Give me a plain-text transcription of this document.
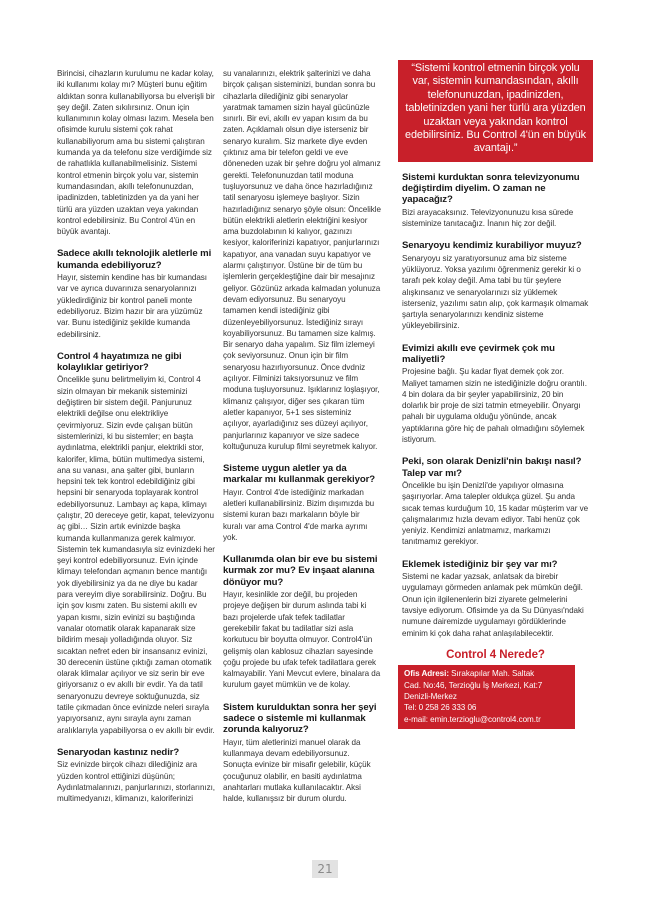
Birincisi, cihazların kurulumu ne kadar kolay, iki kullanımı kolay mı? Müşteri bunu eğitim aldıktan sonra kullanabiliyorsa bu elverişli bir şey değil. Zaten sıkılırsınız. Onun için kullanımının kolay olması lazım. Mesela ben ofisimde kurulu sistemi çok rahat kullanabiliyorum ama bu sistemi çalıştıran kumanda ya da telefonu size verdiğimde siz de rahatlıkla kullanabilmelisiniz. Sistemi kontrol etmenin birçok yolu var, sistemin kumandasından, akıllı telefonunuzdan, ipadinizden, tabletinizden ya da yani her türlü ara yüzden uzaktan veya yakından kontrol edebilirsiniz. Bu Control 4'ün en büyük avantajı.

Sadece akıllı teknolojik aletlerle mi kumanda edebiliyoruz?

Hayır, sistemin kendine has bir kumandası var ve ayrıca duvarınıza senaryolarınızı yükledirdiğiniz bir kontrol paneli monte edebiliyoruz. Bizim hazır bir ara yüzümüz var. Bunu istediğiniz şekilde kumanda edebilirsiniz.

Control 4 hayatımıza ne gibi kolaylıklar getiriyor?

Öncelikle şunu belirtmeliyim ki, Control 4 sizin olmayan bir mekanik sisteminizi değiştiren bir sistem değil. Panjurunuz elektrikli değilse onu elektrikliye çevirmiyoruz. Sizin evde çalışan bütün sistemlerinizi, ki bu sistemler; en başta aydınlatma, elektrikli panjur, elektrikli stor, kalorifer, klima, bütün multimedya sistemi, ana su vanası, ana şalter gibi, bunların hepsini tek tek kontrol edebildiğiniz gibi hepsini bir senaryoda toplayarak kontrol edebiliyorsunuz. Lambayı aç kapa, klimayı çalıştır, 20 dereceye getir, kapat, televizyonu aç gibi… Sizin artık evinizde başka kumanda kullanmanıza gerek kalmıyor. Sistemin tek kumandasıyla siz evinizdeki her şeyi kontrol edebiliyorsunuz. Evin içinde klimayı telefondan açmanın bence mantığı yok diyebilirsiniz ya da ne diye bu kadar para vereyim diye sorabilirsiniz. Doğru. Bu için şov kısmı zaten. Bu sistemi akıllı ev yapan kısmı, sizin evinizi su baştığında vanalar otomatik olarak kapanarak size bildirim mesajı yolladığında oluyor. Siz sıcaktan nefret eden bir insansanız evinizi, 30 derecenin üstüne çıktığı zaman otomatik olarak klimalar açılıyor ve siz serin bir eve giriyorsanız o ev akıllı bir evdir. Ya da tatil senaryonuzu devreye soktuğunuzda, siz tatile çıkmadan önce evinizde neleri sırayla yapıyorsanız, aynı sırayla aynı zaman aralıklarıyla yapabiliyorsa o ev akıllı bir evdir.

Senaryodan kastınız nedir?

Siz evinizde birçok cihazı dilediğiniz ara yüzden kontrol ettiğinizi düşünün; Aydınlatmalarınızı, panjurlarınızı, storlarınızı, multimedyanızı, klimanızı, kaloriferinizi

su vanalarınızı, elektrik şalterinizi ve daha birçok çalışan sisteminizi, bundan sonra bu cihazlarla dilediğiniz gibi senaryolar yaratmak tamamen sizin hayal gücünüzle sınırlı. Bir evi, akıllı ev yapan kısım da bu zaten. Açıklamalı olsun diye isterseniz bir senaryo kuralım. Siz markete diye evden çıktınız ama bir telefon geldi ve eve döneneden uzak bir şehre doğru yol almanız gerekti. Telefonunuzdan tatil moduna tuşluyorsunuz ve daha önce hazırladığınız tatil senaryosu işlemeye başlıyor. Sizin hazırladığınız senaryo şöyle olsun: Öncelikle bütün elektrikli aletlerin elektriğini kesiyor ama buzdolabının ki kalıyor, gazınızı kesiyor, kaloriferinizi kapatıyor, panjurlarınızı kapatıyor, ana vanadan suyu kapatıyor ve alarmı çalıştırıyor. Üstüne bir de tüm bu işlemlerin gerçekleştiğine dair bir mesajınız geliyor. Gözünüz arkada kalmadan yolunuza devam ediyorsunuz. Bu senaryoyu tamamen kendi istediğiniz gibi düzenleyebiliyorsunuz. İstediğiniz sırayı koyabiliyorsunuz. Bu tamamen size kalmış. Bir senaryo daha yapalım. Siz film izlemeyi çok seviyorsunuz. Onun için bir film senaryosu hazırlıyorsunuz. Önce dvdniz açılıyor. Filminizi taksıyorsunuz ve film moduna tuşluyorsunuz. Işıklarınız loşlaşıyor, klimanız çalışıyor, diğer ses çıkaran tüm aletler kapanıyor, 5+1 ses sisteminiz açılıyor, ayarladığınız ses düzeyi açılıyor, panjurlarınız kapanıyor ve size sadece koltuğunuza kurulup filmi seyretmek kalıyor.

Sisteme uygun aletler ya da markalar mı kullanmak gerekiyor?

Hayır. Control 4'de istediğiniz markadan aletleri kullanabilirsiniz. Bizim dışımızda bu sistemi kuran bazı markaların böyle bir kuralı var ama Control 4'de marka ayrımı yok.

Kullanımda olan bir eve bu sistemi kurmak zor mu? Ev inşaat alanına dönüyor mu?

Hayır, kesinlikle zor değil, bu projeden projeye değişen bir durum aslında tabi ki bazı projelerde ufak tefek tadilatlar gerekebilir fakat bu tadilatlar sizi asla korkutucu bir boyutta olmuyor. Control4'ün gelişmiş olan kablosuz cihazları sayesinde çoğu projede bu ufak tefek tadilatlara gerek kalmayabilir. Yani Mevcut evlere, binalara da kurulum gayet mümkün ve de kolay.

Sistem kurulduktan sonra her şeyi sadece o sistemle mi kullanmak zorunda kalıyoruz?

Hayır, tüm aletlerinizi manuel olarak da kullanmaya devam edebiliyorsunuz. Sonuçta evinize bir misafir gelebilir, küçük çocuğunuz olabilir, en basiti aydınlatma anahtarları mutlaka kullanılacaktır. Aksi halde, kullanışsız bir durum olurdu.

“Sistemi kontrol etmenin birçok yolu var, sistemin kumandasından, akıllı telefonunuzdan, ipadinizden, tabletinizden yani her türlü ara yüzden uzaktan veya yakından kontrol edebilirsiniz. Bu Control 4'ün en büyük avantajı.”
Sistemi kurduktan sonra televizyonumu değiştirdim diyelim. O zaman ne yapacağız?

Bizi arayacaksınız. Televizyonunuzu kısa sürede sisteminize tanıtacağız. İnanın hiç zor değil.

Senaryoyu kendimiz kurabiliyor muyuz?

Senaryoyu siz yaratıyorsunuz ama biz sisteme yüklüyoruz. Yoksa yazılımı öğrenmeniz gerekir ki o tarafı pek kolay değil. Ama tabi bu tür şeylere alışkınsanız ve senaryolarınızı siz yüklemek isterseniz, yazılımı satın alıp, çok karmaşık olmamak şartıyla senaryolarınızı kendiniz sisteme yükleyebilirsiniz.

Evimizi akıllı eve çevirmek çok mu maliyetli?

Projesine bağlı. Şu kadar fiyat demek çok zor. Maliyet tamamen sizin ne istediğinizle doğru orantılı. 4 bin dolara da bir şeyler yapabilirsiniz, 20 bin dolarlık bir proje de sizi tatmin etmeyebilir. Önyargı pahalı bir uygulama olduğu yönünde, ancak yaptıklarına göre hiç de pahalı olmadığını söylemek istiyorum.

Peki, son olarak Denizli'nin bakışı nasıl? Talep var mı?

Öncelikle bu işin Denizli'de yapılıyor olmasına şaşırıyorlar. Ama talepler oldukça güzel. Şu anda sıcak temas kurduğum 10, 15 kadar müşterim var ve çalışmalarımız hızla devam ediyor. Tabi henüz çok yeniyiz. Kendimizi anlatmamız, markamızı tanıtmamız gerekiyor.

Eklemek istediğiniz bir şey var mı?

Sistemi ne kadar yazsak, anlatsak da birebir uygulamayı görmeden anlamak pek mümkün değil. Onun için ilgilenenlerin bizi ziyarete gelmelerini tavsiye ediyorum. Ofisimde ya da Su Dünyası'ndaki numune dairemizde uygulamayı gördüklerinde eminim ki çok daha rahat anlaşılabilecektir.

Control 4 Nerede?
Ofis Adresi: Sırakapılar Mah. Saltak
Cad. No:46, Terzioğlu İş Merkezi, Kat:7
Denizli-Merkez
Tel: 0 258 26 333 06
e-mail: emin.terzioglu@control4.com.tr
21
